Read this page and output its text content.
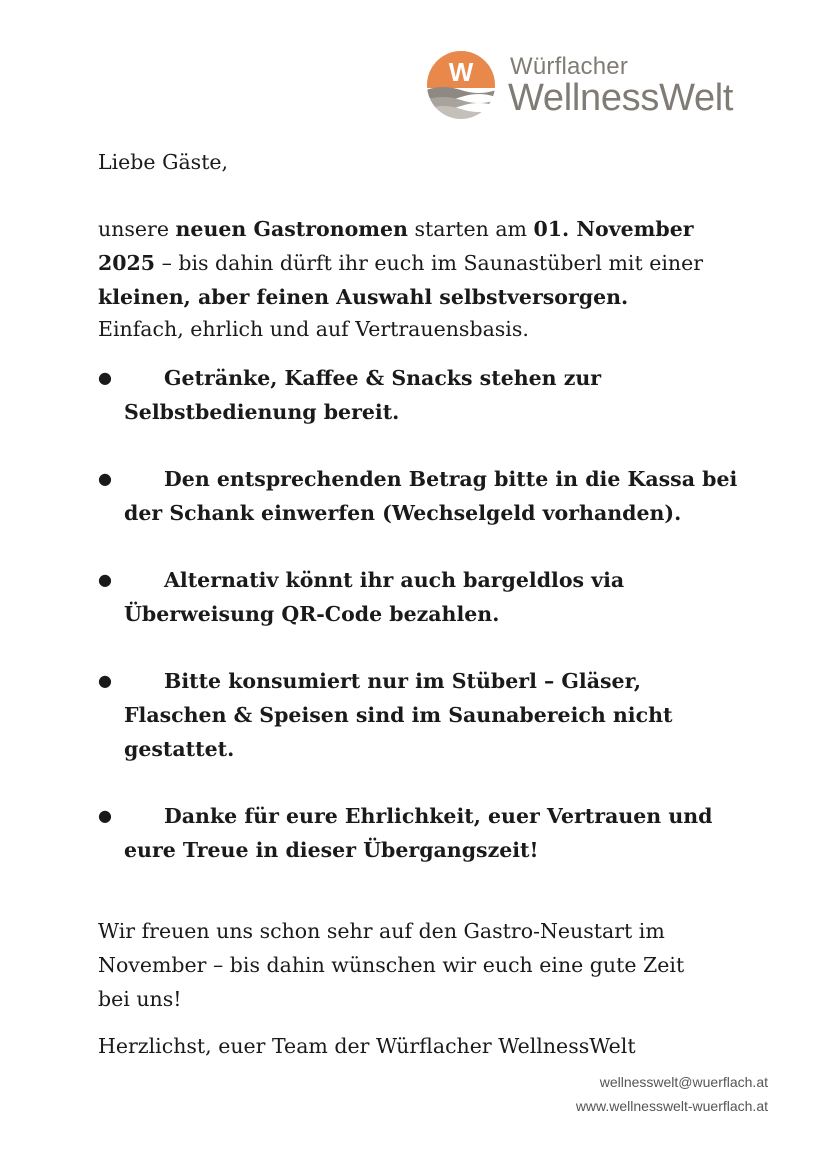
W Würflacher
WellnessWelt

Liebe Gäste,

unsere neuen Gastronomen starten am 01. November

2025 – bis dahin dürft ihr euch im Saunastüberl mit einer

kleinen, aber feinen Auswahl selbstversorgen.

Einfach, ehrlich und auf Vertrauensbasis.

●	Getränke, Kaffee & Snacks stehen zur
Selbstbedienung bereit.
●	Den entsprechenden Betrag bitte in die Kassa bei
der Schank einwerfen (Wechselgeld vorhanden).
●	Alternativ könnt ihr auch bargeldlos via
Überweisung QR-Code bezahlen.
●	Bitte konsumiert nur im Stüberl – Gläser,
Flaschen & Speisen sind im Saunabereich nicht
gestattet.
●	Danke für eure Ehrlichkeit, euer Vertrauen und
eure Treue in dieser Übergangszeit!

Wir freuen uns schon sehr auf den Gastro-Neustart im

November – bis dahin wünschen wir euch eine gute Zeit

bei uns!

Herzlichst, euer Team der Würflacher WellnessWelt

wellnesswelt@wuerflach.at
www.wellnesswelt-wuerflach.at
